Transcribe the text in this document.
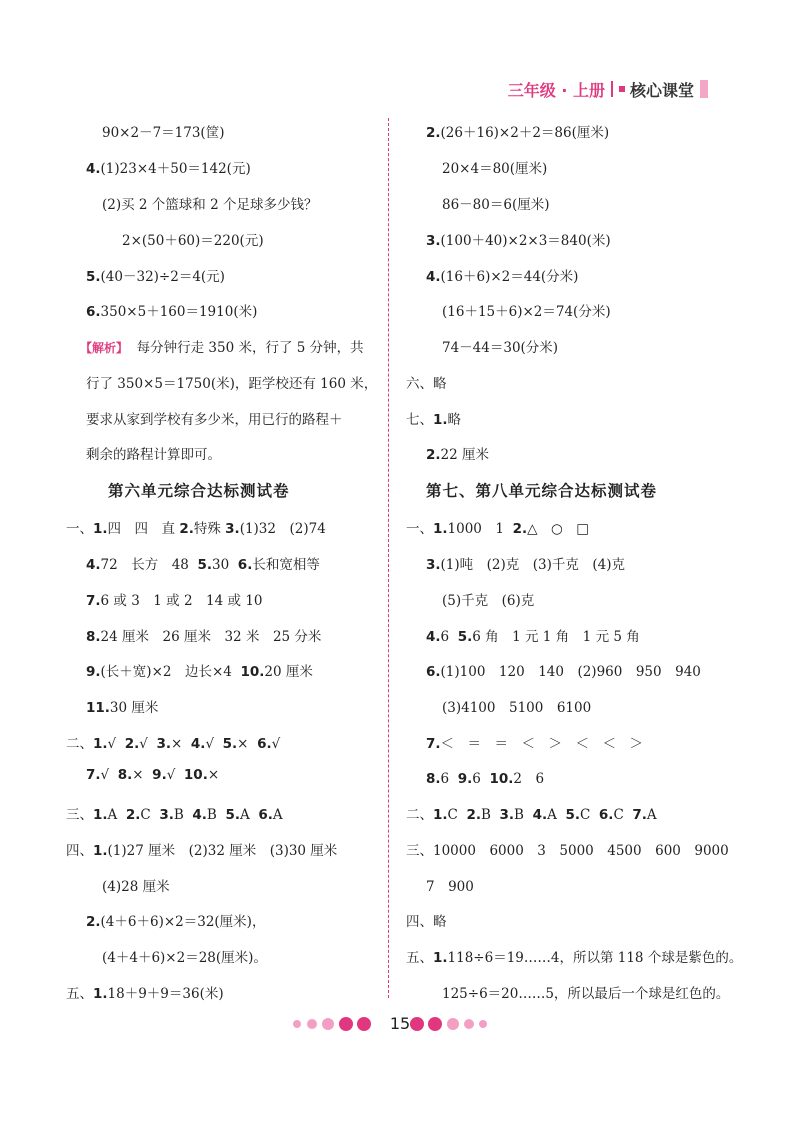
三年级 · 上册 核心课堂
90×2－7＝173(筐)
4.(1)23×4＋50＝142(元)
(2)买 2 个篮球和 2 个足球多少钱？
2×(50＋60)＝220(元)
5.(40－32)÷2＝4(元)
6.350×5＋160＝1910(米)
【解析】 每分钟行走 350 米，行了 5 分钟，共
行了 350×5＝1750(米)，距学校还有 160 米，
要求从家到学校有多少米，用已行的路程＋
剩余的路程计算即可。
第六单元综合达标测试卷
一、1.四　四　直 2.特殊 3.(1)32　(2)74
4.72　长方　48 5.30 6.长和宽相等
7.6 或 3　1 或 2　14 或 10
8.24 厘米　26 厘米　32 米　25 分米
9.(长＋宽)×2　边长×4 10.20 厘米
11.30 厘米
二、1.√ 2.√ 3.× 4.√ 5.× 6.√
7.√ 8.× 9.√ 10.×
三、1.A 2.C 3.B 4.B 5.A 6.A
四、1.(1)27 厘米　(2)32 厘米　(3)30 厘米
(4)28 厘米
2.(4＋6＋6)×2＝32(厘米)，
(4＋4＋6)×2＝28(厘米)。
五、1.18＋9＋9＝36(米)
2.(26＋16)×2＋2＝86(厘米)
20×4＝80(厘米)
86－80＝6(厘米)
3.(100＋40)×2×3＝840(米)
4.(16＋6)×2＝44(分米)
(16＋15＋6)×2＝74(分米)
74－44＝30(分米)
六、略
七、1.略
2.22 厘米
第七、第八单元综合达标测试卷
一、1.1000　1 2.△　○　□
3.(1)吨　(2)克　(3)千克　(4)克
(5)千克　(6)克
4.6 5.6 角　1 元 1 角　1 元 5 角
6.(1)100　120　140　(2)960　950　940
(3)4100　5100　6100
7.＜　＝　＝　＜　＞　＜　＜　＞
8.6 9.6 10.2　6
二、1.C 2.B 3.B 4.A 5.C 6.C 7.A
三、10000　6000　3　5000　4500　600　9000
7　900
四、略
五、1.118÷6＝19……4，所以第 118 个球是紫色的。
125÷6＝20……5，所以最后一个球是红色的。
15
